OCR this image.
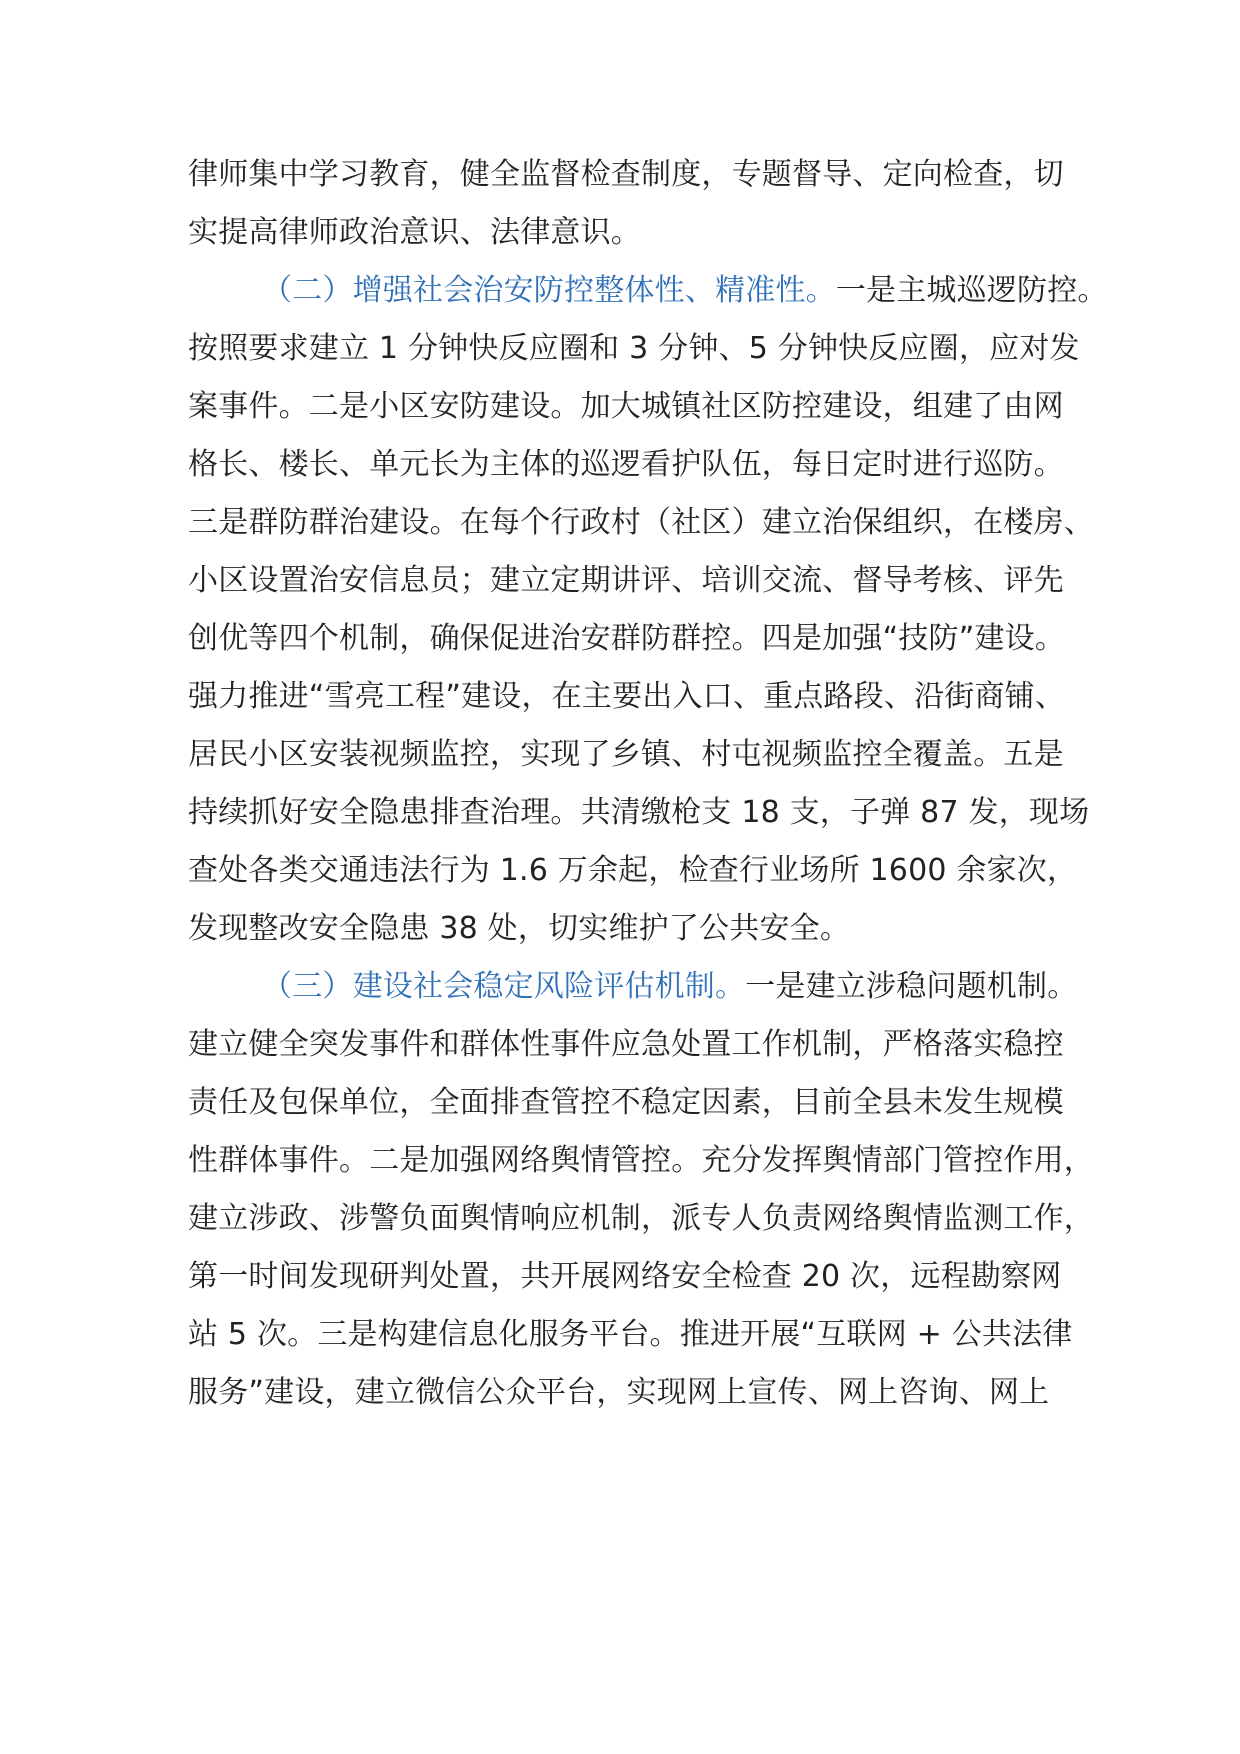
律师集中学习教育，健全监督检查制度，专题督导、定向检查，切
实提高律师政治意识、法律意识。
（二）增强社会治安防控整体性、精准性。一是主城巡逻防控。
按照要求建立 1 分钟快反应圈和 3 分钟、5 分钟快反应圈，应对发
案事件。二是小区安防建设。加大城镇社区防控建设，组建了由网
格长、楼长、单元长为主体的巡逻看护队伍，每日定时进行巡防。
三是群防群治建设。在每个行政村（社区）建立治保组织，在楼房、
小区设置治安信息员；建立定期讲评、培训交流、督导考核、评先
创优等四个机制，确保促进治安群防群控。四是加强“技防”建设。
强力推进“雪亮工程”建设，在主要出入口、重点路段、沿街商铺、
居民小区安装视频监控，实现了乡镇、村屯视频监控全覆盖。五是
持续抓好安全隐患排查治理。共清缴枪支 18 支，子弹 87 发，现场
查处各类交通违法行为 1.6 万余起，检查行业场所 1600 余家次，
发现整改安全隐患 38 处，切实维护了公共安全。
（三）建设社会稳定风险评估机制。一是建立涉稳问题机制。
建立健全突发事件和群体性事件应急处置工作机制，严格落实稳控
责任及包保单位，全面排查管控不稳定因素，目前全县未发生规模
性群体事件。二是加强网络舆情管控。充分发挥舆情部门管控作用，
建立涉政、涉警负面舆情响应机制，派专人负责网络舆情监测工作，
第一时间发现研判处置，共开展网络安全检查 20 次，远程勘察网
站 5 次。三是构建信息化服务平台。推进开展“互联网 + 公共法律
服务”建设，建立微信公众平台，实现网上宣传、网上咨询、网上
